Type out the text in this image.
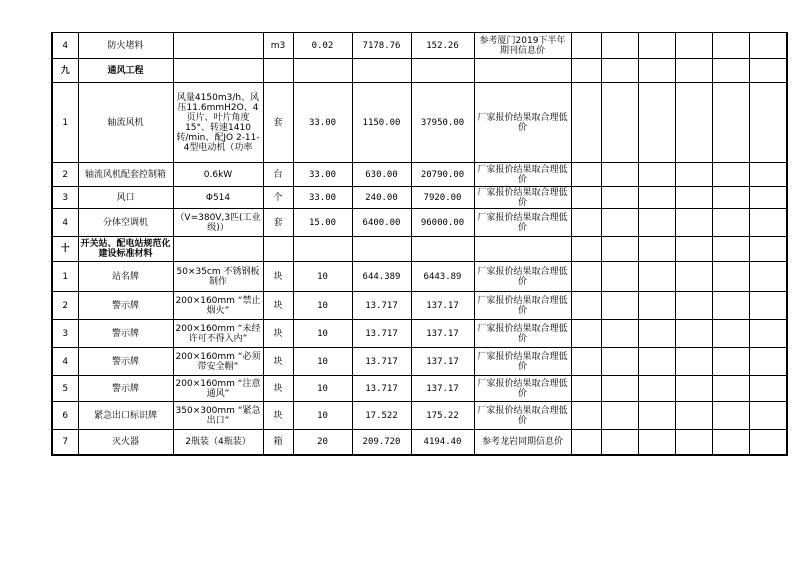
4	防火堵料		m3	0.02	7178.76	152.26	参考厦门2019下半年期刊信息价						
九	通风工程												
1	轴流风机	风量4150m3/h、风压11.6mmH2O、4页片、叶片角度15°、转速1410转/min、配JO 2-11-4型电动机（功率	套	33.00	1150.00	37950.00	厂家报价结果取合理低价						
2	轴流风机配套控制箱	0.6kW	台	33.00	630.00	20790.00	厂家报价结果取合理低价						
3	风口	Φ514	个	33.00	240.00	7920.00	厂家报价结果取合理低价						
4	分体空调机	（V=380V,3匹(工业级)）	套	15.00	6400.00	96000.00	厂家报价结果取合理低价						
十	开关站、配电站规范化建设标准材料												
1	站名牌	50×35cm 不锈钢板制作	块	10	644.389	6443.89	厂家报价结果取合理低价						
2	警示牌	200×160mm “禁止烟火”	块	10	13.717	137.17	厂家报价结果取合理低价						
3	警示牌	200×160mm “未经许可不得入内”	块	10	13.717	137.17	厂家报价结果取合理低价						
4	警示牌	200×160mm “必须带安全帽”	块	10	13.717	137.17	厂家报价结果取合理低价						
5	警示牌	200×160mm “注意通风”	块	10	13.717	137.17	厂家报价结果取合理低价						
6	紧急出口标识牌	350×300mm “紧急出口”	块	10	17.522	175.22	厂家报价结果取合理低价						
7	灭火器	2瓶装（4瓶装）	箱	20	209.720	4194.40	参考龙岩同期信息价						
